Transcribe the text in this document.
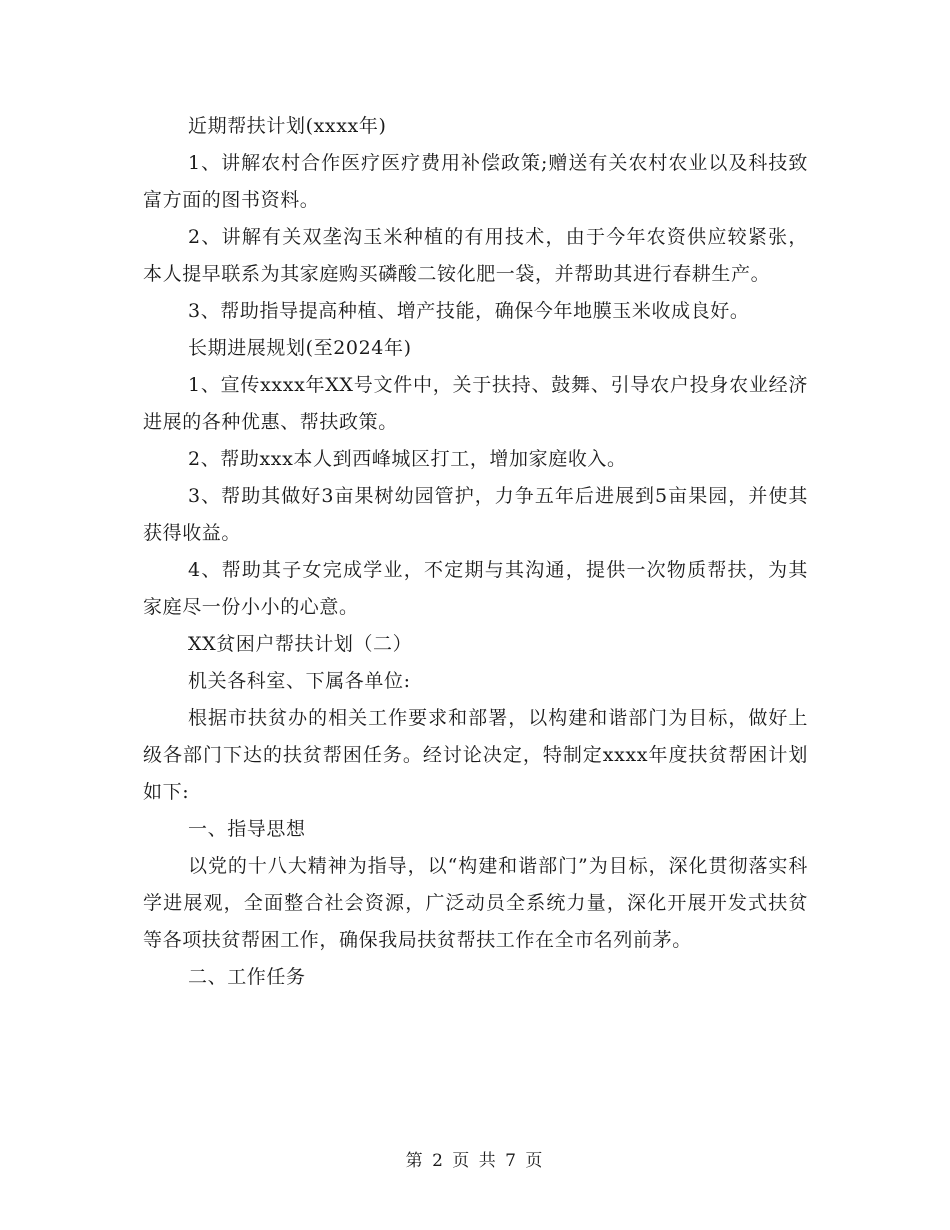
近期帮扶计划(xxxx年)

1、讲解农村合作医疗医疗费用补偿政策;赠送有关农村农业以及科技致富方面的图书资料。

2、讲解有关双垄沟玉米种植的有用技术，由于今年农资供应较紧张，本人提早联系为其家庭购买磷酸二铵化肥一袋，并帮助其进行春耕生产。

3、帮助指导提高种植、增产技能，确保今年地膜玉米收成良好。

长期进展规划(至2024年)

1、宣传xxxx年XX号文件中，关于扶持、鼓舞、引导农户投身农业经济进展的各种优惠、帮扶政策。

2、帮助xxx本人到西峰城区打工，增加家庭收入。

3、帮助其做好3亩果树幼园管护，力争五年后进展到5亩果园，并使其获得收益。

4、帮助其子女完成学业，不定期与其沟通，提供一次物质帮扶，为其家庭尽一份小小的心意。

XX贫困户帮扶计划（二）

机关各科室、下属各单位:

根据市扶贫办的相关工作要求和部署，以构建和谐部门为目标，做好上级各部门下达的扶贫帮困任务。经讨论决定，特制定xxxx年度扶贫帮困计划如下:

一、指导思想

以党的十八大精神为指导，以“构建和谐部门”为目标，深化贯彻落实科学进展观，全面整合社会资源，广泛动员全系统力量，深化开展开发式扶贫等各项扶贫帮困工作，确保我局扶贫帮扶工作在全市名列前茅。

二、工作任务

第 2 页 共 7 页
